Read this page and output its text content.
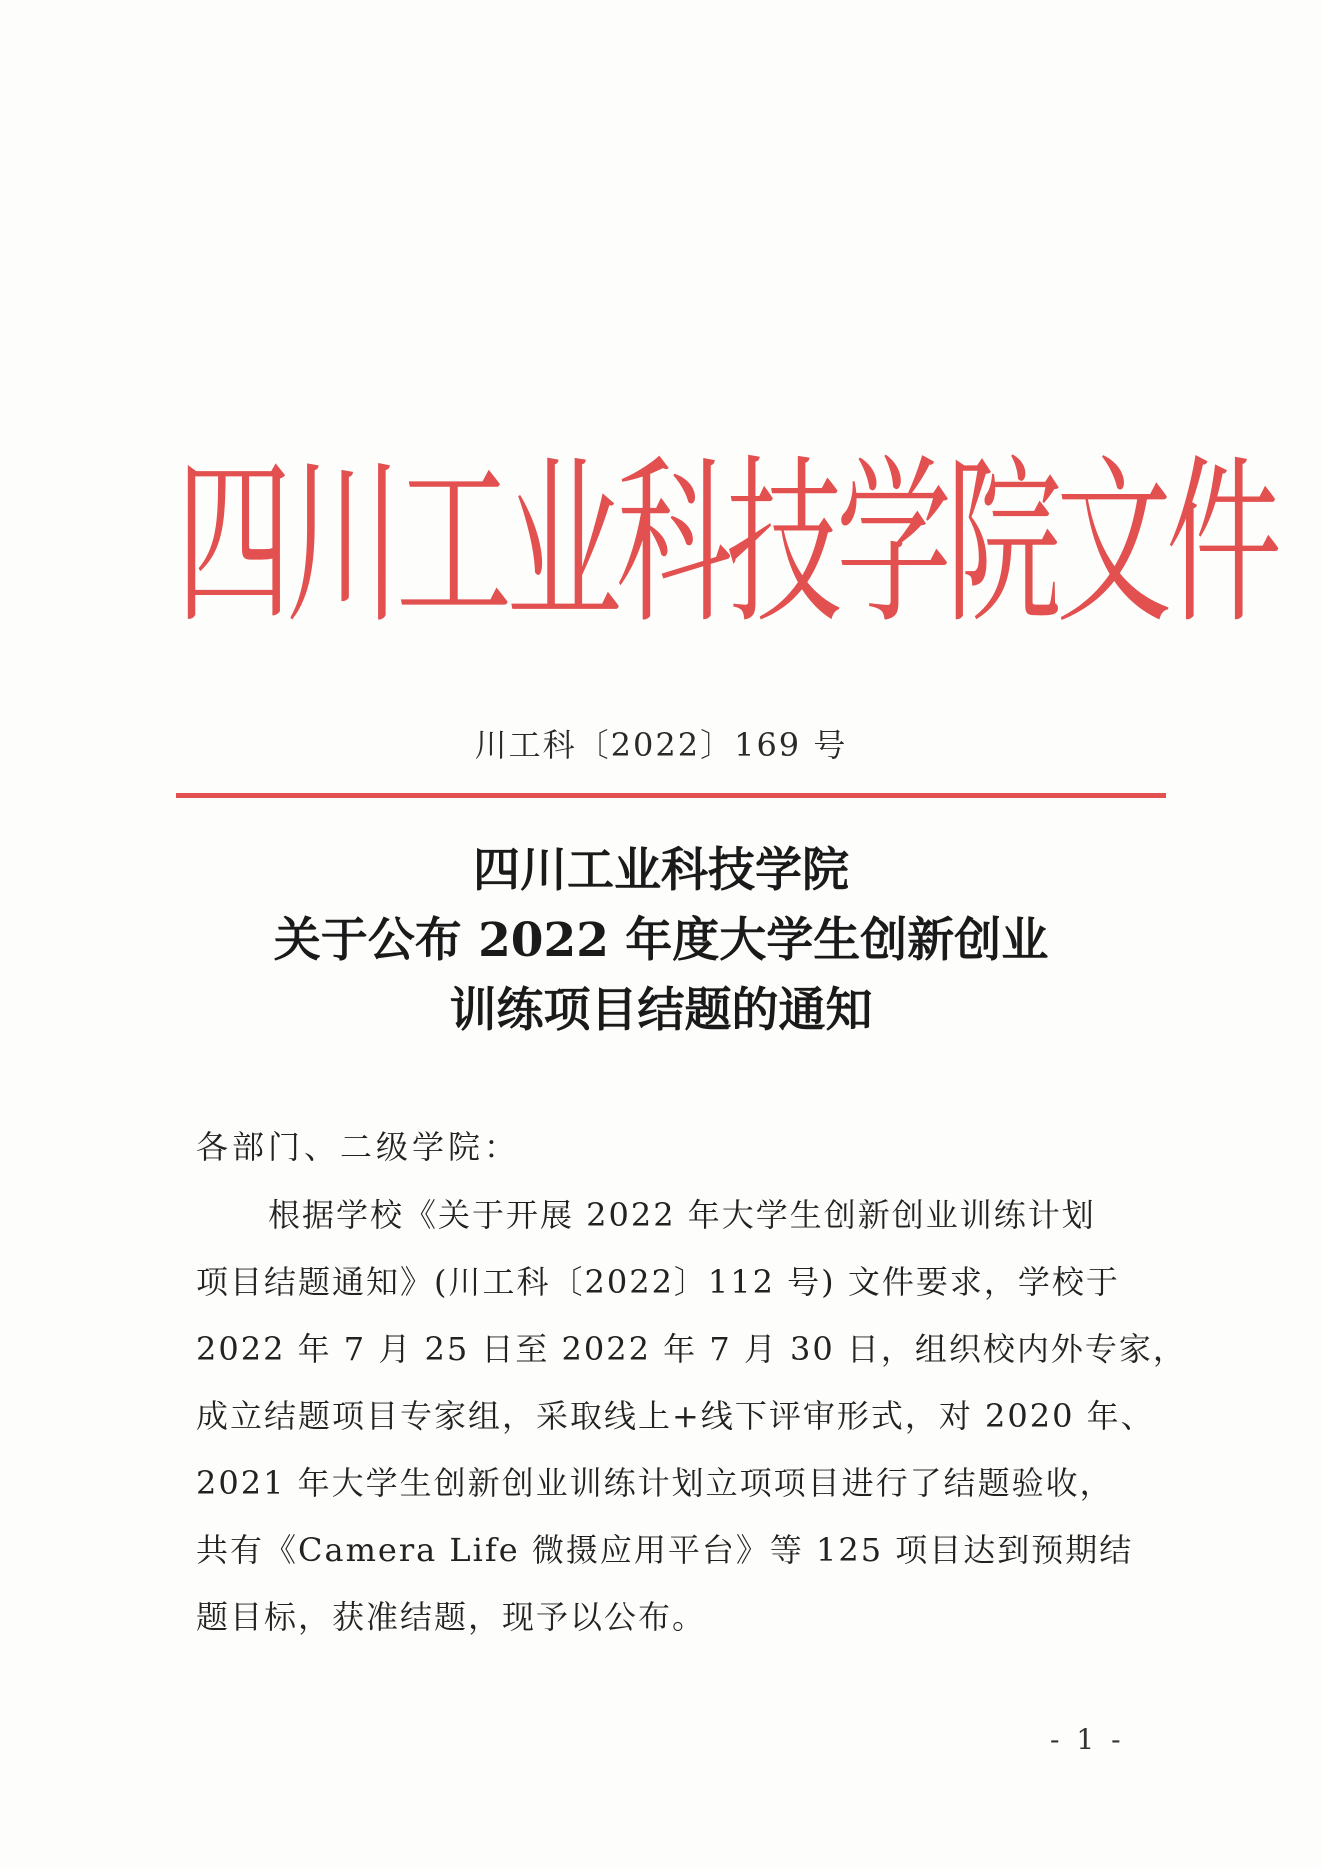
四川工业科技学院文件
川工科〔2022〕169 号
四川工业科技学院
关于公布 2022 年度大学生创新创业
训练项目结题的通知
各部门、二级学院：
根据学校《关于开展 2022 年大学生创新创业训练计划
项目结题通知》(川工科〔2022〕112 号) 文件要求，学校于
2022 年 7 月 25 日至 2022 年 7 月 30 日，组织校内外专家，
成立结题项目专家组，采取线上+线下评审形式，对 2020 年、
2021 年大学生创新创业训练计划立项项目进行了结题验收，
共有《Camera Life 微摄应用平台》等 125 项目达到预期结
题目标，获准结题，现予以公布。
- 1 -
